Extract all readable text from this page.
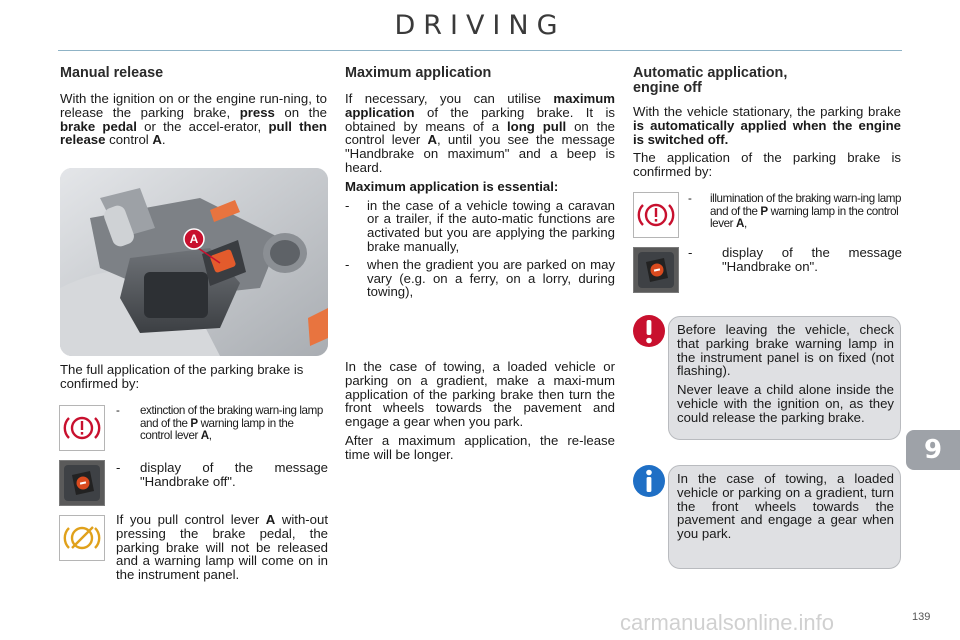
DRIVING
Manual release

With the ignition on or the engine run-ning, to release the parking brake, press on the brake pedal or the accel-erator, pull then release control A.

A

The full application of the parking brake is confirmed by:

-	extinction of the braking warn-ing lamp and of the P warning lamp in the control lever A,
-	display of the message "Handbrake off".
If you pull control lever A with-out pressing the brake pedal, the parking brake will not be released and a warning lamp will come on in the instrument panel.
Maximum application

If necessary, you can utilise maximum application of the parking brake. It is obtained by means of a long pull on the control lever A, until you see the message "Handbrake on maximum" and a beep is heard.

Maximum application is essential:

-	in the case of a vehicle towing a caravan or a trailer, if the auto-matic functions are activated but you are applying the parking brake manually,
-	when the gradient you are parked on may vary (e.g. on a ferry, on a lorry, during towing),

In the case of towing, a loaded vehicle or parking on a gradient, make a maxi-mum application of the parking brake then turn the front wheels towards the pavement and engage a gear when you park.

After a maximum application, the re-lease time will be longer.

Automatic application, engine off

With the vehicle stationary, the parking brake is automatically applied when the engine is switched off.

The application of the parking brake is confirmed by:

-	illumination of the braking warn-ing lamp and of the P warning lamp in the control lever A,
-	display of the message "Handbrake on".

Before leaving the vehicle, check that parking brake warning lamp in the instrument panel is on fixed (not flashing).

Never leave a child alone inside the vehicle with the ignition on, as they could release the parking brake.

In the case of towing, a loaded vehicle or parking on a gradient, turn the front wheels towards the pavement and engage a gear when you park.

9
carmanualsonline.info	139
